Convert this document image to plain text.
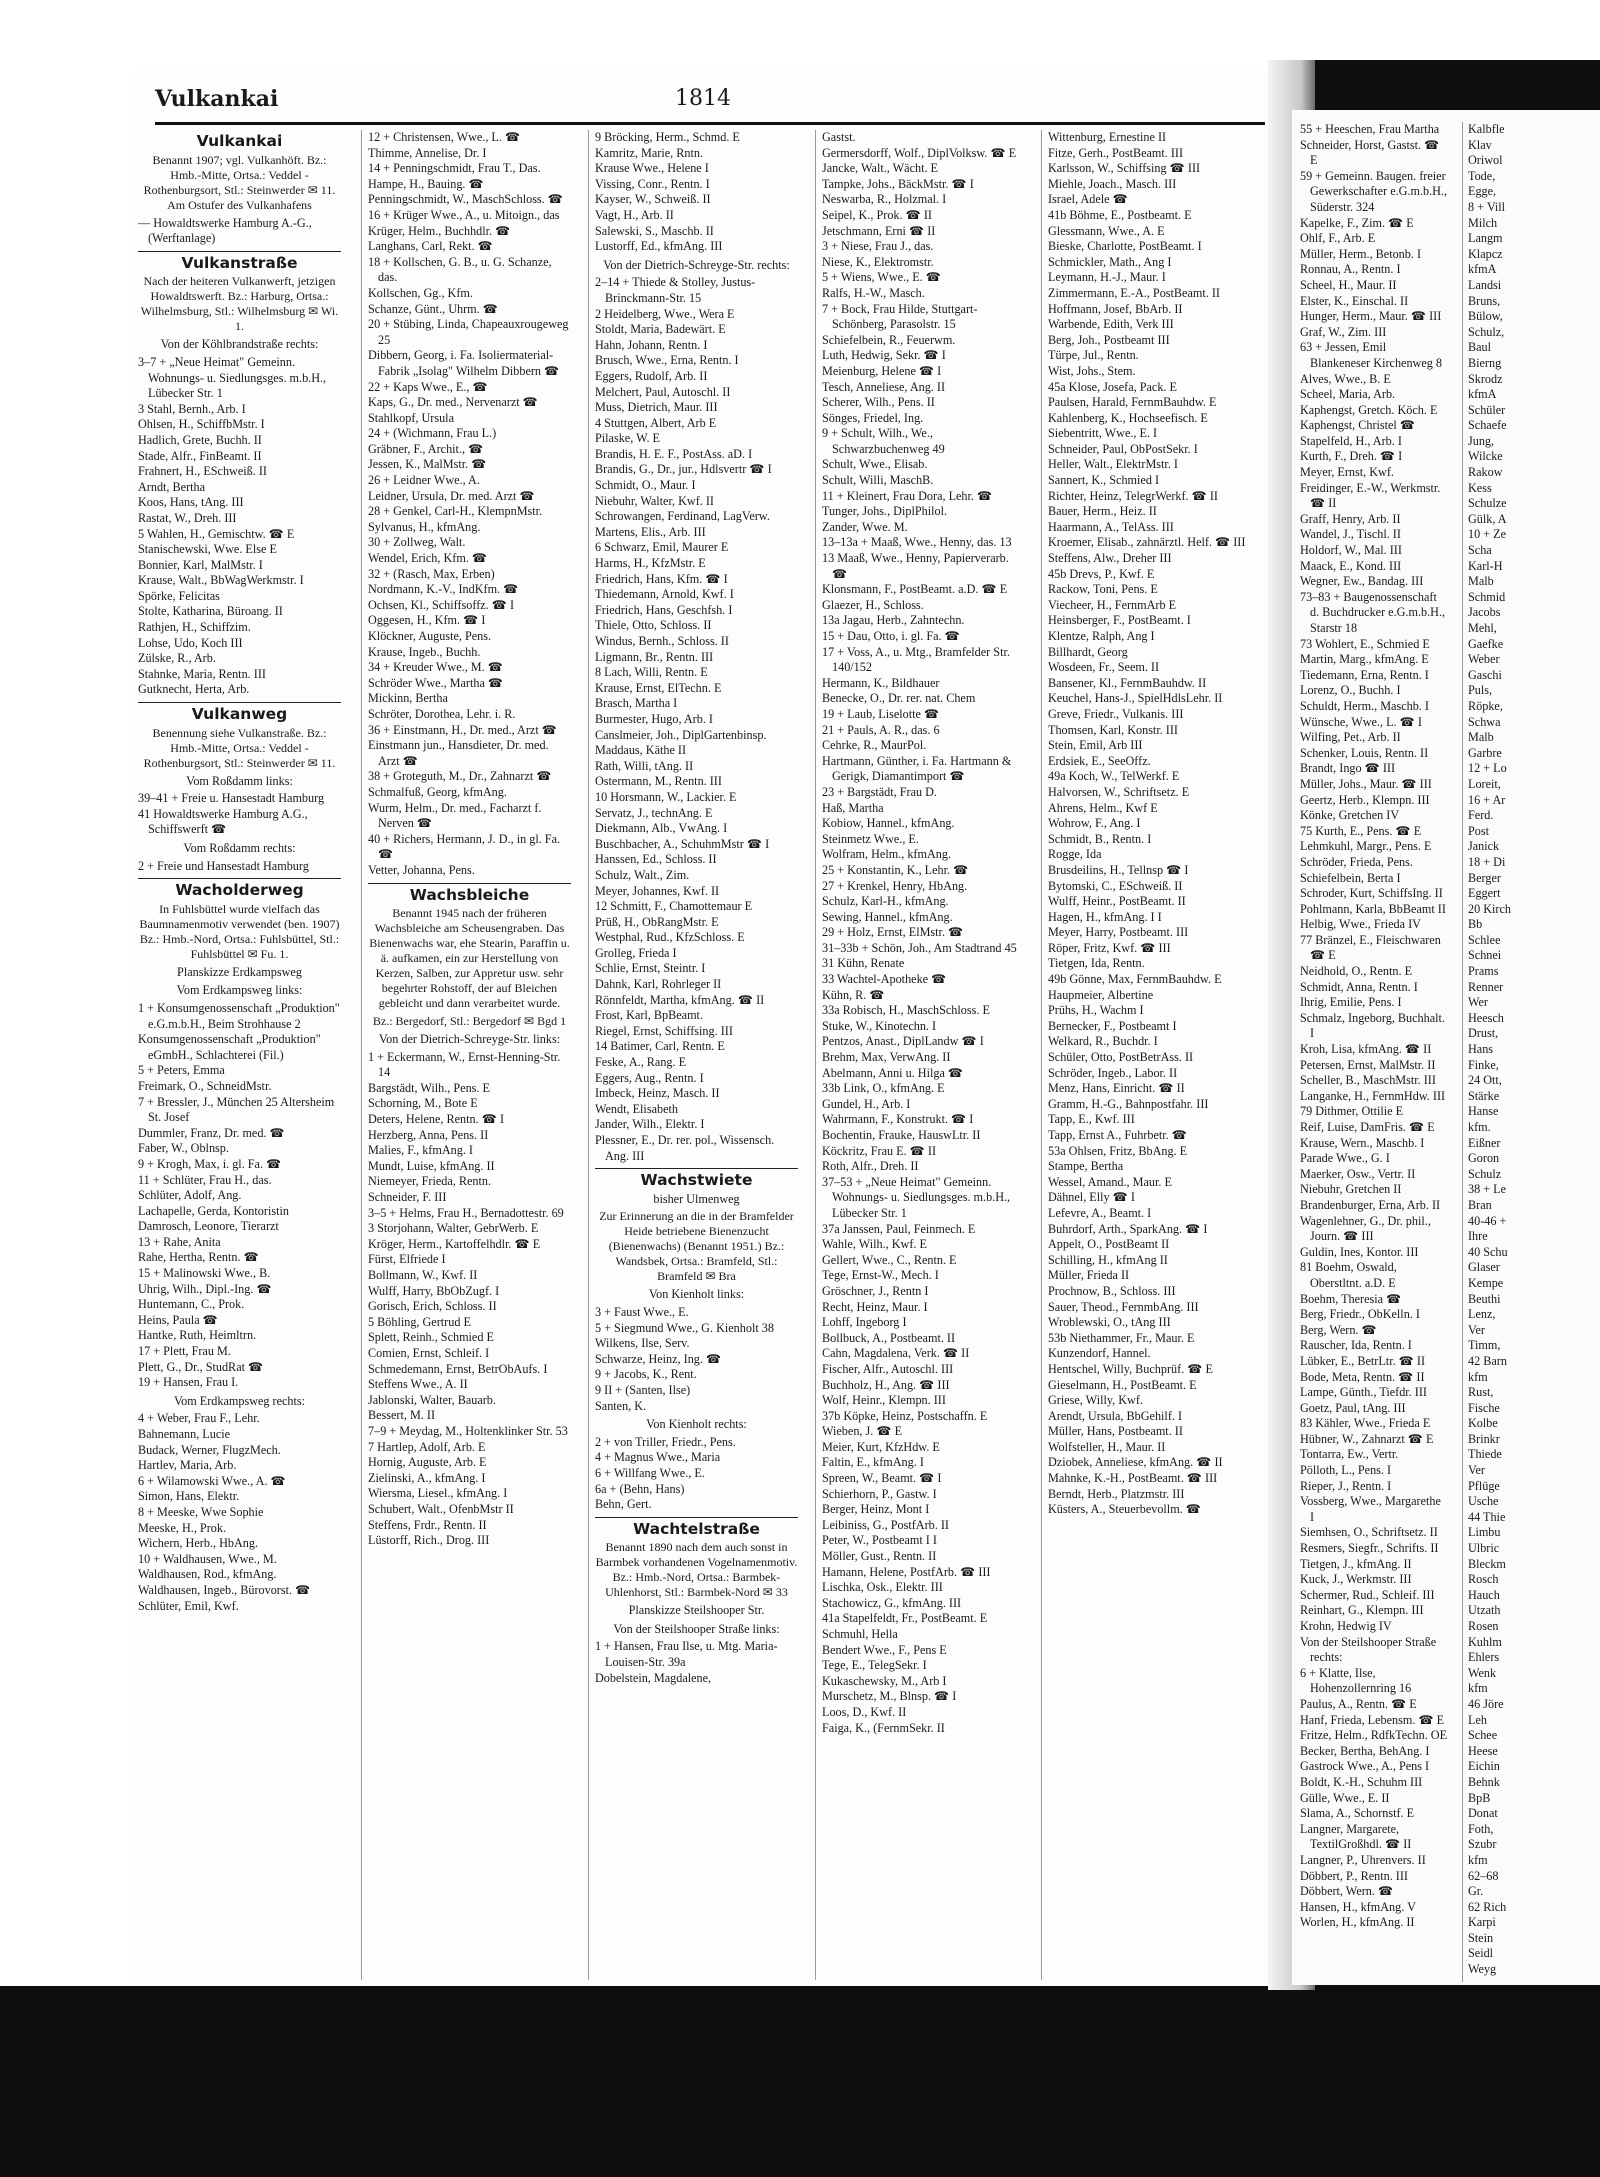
Vulkankai	1814
Vulkankai
Benannt 1907; vgl. Vulkanhöft. Bz.: Hmb.-Mitte, Ortsa.: Veddel - Rothenburgsort, Stl.: Steinwerder ✉ 11. Am Ostufer des Vulkanhafens
— Howaldtswerke Hamburg A.-G., (Werftanlage)
Vulkanstraße
Nach der heiteren Vulkanwerft, jetzigen Howaldtswerft. Bz.: Harburg, Ortsa.: Wilhelmsburg, Stl.: Wilhelmsburg ✉ Wi. 1.
Von der Köhlbrandstraße rechts:
3–7 + „Neue Heimat" Gemeinn. Wohnungs- u. Siedlungsges. m.b.H., Lübecker Str. 1
3 Stahl, Bernh., Arb. I
Ohlsen, H., SchiffbMstr. I
Hadlich, Grete, Buchh. II
Stade, Alfr., FinBeamt. II
Frahnert, H., ESchweiß. II
Arndt, Bertha
Koos, Hans, tAng. III
Rastat, W., Dreh. III
5 Wahlen, H., Gemischtw. ☎ E
Stanischewski, Wwe. Else E
Bonnier, Karl, MalMstr. I
Krause, Walt., BbWagWerkmstr. I
Spörke, Felicitas
Stolte, Katharina, Büroang. II
Rathjen, H., Schiffzim.
Lohse, Udo, Koch III
Zülske, R., Arb.
Stahnke, Maria, Rentn. III
Gutknecht, Herta, Arb.
Vulkanweg
Benennung siehe Vulkanstraße. Bz.: Hmb.-Mitte, Ortsa.: Veddel - Rothenburgsort, Stl.: Steinwerder ✉ 11.
Vom Roßdamm links:
39–41 + Freie u. Hansestadt Hamburg
41 Howaldtswerke Hamburg A.G., Schiffswerft ☎
Vom Roßdamm rechts:
2 + Freie und Hansestadt Hamburg
Wacholderweg
In Fuhlsbüttel wurde vielfach das Baumnamenmotiv verwendet (ben. 1907) Bz.: Hmb.-Nord, Ortsa.: Fuhlsbüttel, Stl.: Fuhlsbüttel ✉ Fu. 1.
Planskizze Erdkampsweg
Vom Erdkampsweg links:
1 + Konsumgenossenschaft „Produktion" e.G.m.b.H., Beim Strohhause 2
Konsumgenossenschaft „Produktion" eGmbH., Schlachterei (Fil.)
5 + Peters, Emma
Freimark, O., SchneidMstr.
7 + Bressler, J., München 25 Altersheim St. Josef
Dummler, Franz, Dr. med. ☎
Faber, W., Oblnsp.
9 + Krogh, Max, i. gl. Fa. ☎
11 + Schlüter, Frau H., das.
Schlüter, Adolf, Ang.
Lachapelle, Gerda, Kontoristin
Damrosch, Leonore, Tierarzt
13 + Rahe, Anita
Rahe, Hertha, Rentn. ☎
15 + Malinowski Wwe., B.
Uhrig, Wilh., Dipl.-Ing. ☎
Huntemann, C., Prok.
Heins, Paula ☎
Hantke, Ruth, Heimltrn.
17 + Plett, Frau M.
Plett, G., Dr., StudRat ☎
19 + Hansen, Frau I.
Vom Erdkampsweg rechts:
4 + Weber, Frau F., Lehr.
Bahnemann, Lucie
Budack, Werner, FlugzMech.
Hartlev, Maria, Arb.
6 + Wilamowski Wwe., A. ☎
Simon, Hans, Elektr.
8 + Meeske, Wwe Sophie
Meeske, H., Prok.
Wichern, Herb., HbAng.
10 + Waldhausen, Wwe., M.
Waldhausen, Rod., kfmAng.
Waldhausen, Ingeb., Bürovorst. ☎
Schlüter, Emil, Kwf.
12 + Christensen, Wwe., L. ☎
Thimme, Annelise, Dr. I
14 + Penningschmidt, Frau T., Das.
Hampe, H., Bauing. ☎
Penningschmidt, W., MaschSchloss. ☎
16 + Krüger Wwe., A., u. Mitoign., das
Krüger, Helm., Buchhdlr. ☎
Langhans, Carl, Rekt. ☎
18 + Kollschen, G. B., u. G. Schanze, das.
Kollschen, Gg., Kfm.
Schanze, Günt., Uhrm. ☎
20 + Stübing, Linda, Chapeauxrougeweg 25
Dibbern, Georg, i. Fa. Isoliermaterial-Fabrik „Isolag" Wilhelm Dibbern ☎
22 + Kaps Wwe., E., ☎
Kaps, G., Dr. med., Nervenarzt ☎
Stahlkopf, Ursula
24 + (Wichmann, Frau L.)
Gräbner, F., Archit., ☎
Jessen, K., MalMstr. ☎
26 + Leidner Wwe., A.
Leidner, Ursula, Dr. med. Arzt ☎
28 + Genkel, Carl-H., KlempnMstr.
Sylvanus, H., kfmAng.
30 + Zollweg, Walt.
Wendel, Erich, Kfm. ☎
32 + (Rasch, Max, Erben)
Nordmann, K.-V., IndKfm. ☎
Ochsen, Kl., Schiffsoffz. ☎ I
Oggesen, H., Kfm. ☎ I
Klöckner, Auguste, Pens.
Krause, Ingeb., Buchh.
34 + Kreuder Wwe., M. ☎
Schröder Wwe., Martha ☎
Mickinn, Bertha
Schröter, Dorothea, Lehr. i. R.
36 + Einstmann, H., Dr. med., Arzt ☎
Einstmann jun., Hansdieter, Dr. med. Arzt ☎
38 + Groteguth, M., Dr., Zahnarzt ☎
Schmalfuß, Georg, kfmAng.
Wurm, Helm., Dr. med., Facharzt f. Nerven ☎
40 + Richers, Hermann, J. D., in gl. Fa. ☎
Vetter, Johanna, Pens.
Wachsbleiche
Benannt 1945 nach der früheren Wachsbleiche am Scheusengraben. Das Bienenwachs war, ehe Stearin, Paraffin u. ä. aufkamen, ein zur Herstellung von Kerzen, Salben, zur Appretur usw. sehr begehrter Rohstoff, der auf Bleichen gebleicht und dann verarbeitet wurde.
Bz.: Bergedorf, Stl.: Bergedorf ✉ Bgd 1
Von der Dietrich-Schreyge-Str. links:
1 + Eckermann, W., Ernst-Henning-Str. 14
Bargstädt, Wilh., Pens. E
Schorning, M., Bote E
Deters, Helene, Rentn. ☎ I
Herzberg, Anna, Pens. II
Malies, F., kfmAng. I
Mundt, Luise, kfmAng. II
Niemeyer, Frieda, Rentn.
Schneider, F. III
3–5 + Helms, Frau H., Bernadottestr. 69
3 Storjohann, Walter, GebrWerb. E
Kröger, Herm., Kartoffelhdlr. ☎ E
Fürst, Elfriede I
Bollmann, W., Kwf. II
Wulff, Harry, BbObZugf. I
Gorisch, Erich, Schloss. II
5 Böhling, Gertrud E
Splett, Reinh., Schmied E
Comien, Ernst, Schleif. I
Schmedemann, Ernst, BetrObAufs. I
Steffens Wwe., A. II
Jablonski, Walter, Bauarb.
Bessert, M. II
7–9 + Meydag, M., Holtenklinker Str. 53
7 Hartlep, Adolf, Arb. E
Hornig, Auguste, Arb. E
Zielinski, A., kfmAng. I
Wiersma, Liesel., kfmAng. I
Schubert, Walt., OfenbMstr II
Steffens, Frdr., Rentn. II
Lüstorff, Rich., Drog. III
9 Bröcking, Herm., Schmd. E
Kamritz, Marie, Rntn.
Krause Wwe., Helene I
Vissing, Conr., Rentn. I
Kayser, W., Schweiß. II
Vagt, H., Arb. II
Salewski, S., Maschb. II
Lustorff, Ed., kfmAng. III
Von der Dietrich-Schreyge-Str. rechts:
2–14 + Thiede & Stolley, Justus-Brinckmann-Str. 15
2 Heidelberg, Wwe., Wera E
Stoldt, Maria, Badewärt. E
Hahn, Johann, Rentn. I
Brusch, Wwe., Erna, Rentn. I
Eggers, Rudolf, Arb. II
Melchert, Paul, Autoschl. II
Muss, Dietrich, Maur. III
4 Stuttgen, Albert, Arb E
Pilaske, W. E
Brandis, H. E. F., PostAss. aD. I
Brandis, G., Dr., jur., Hdlsvertr ☎ I
Schmidt, O., Maur. I
Niebuhr, Walter, Kwf. II
Schrowangen, Ferdinand, LagVerw.
Martens, Elis., Arb. III
6 Schwarz, Emil, Maurer E
Harms, H., KfzMstr. E
Friedrich, Hans, Kfm. ☎ I
Thiedemann, Arnold, Kwf. I
Friedrich, Hans, Geschfsh. I
Thiele, Otto, Schloss. II
Windus, Bernh., Schloss. II
Ligmann, Br., Rentn. III
8 Lach, Willi, Rentn. E
Krause, Ernst, ElTechn. E
Brasch, Martha I
Burmester, Hugo, Arb. I
Canslmeier, Joh., DiplGartenbinsp.
Maddaus, Käthe II
Rath, Willi, tAng. II
Ostermann, M., Rentn. III
10 Horsmann, W., Lackier. E
Servatz, J., technAng. E
Diekmann, Alb., VwAng. I
Buschbacher, A., SchuhmMstr ☎ I
Hanssen, Ed., Schloss. II
Schulz, Walt., Zim.
Meyer, Johannes, Kwf. II
12 Schmitt, F., Chamottemaur E
Prüß, H., ObRangMstr. E
Westphal, Rud., KfzSchloss. E
Grolleg, Frieda I
Schlie, Ernst, Steintr. I
Dahnk, Karl, Rohrleger II
Rönnfeldt, Martha, kfmAng. ☎ II
Frost, Karl, BpBeamt.
Riegel, Ernst, Schiffsing. III
14 Batimer, Carl, Rentn. E
Feske, A., Rang. E
Eggers, Aug., Rentn. I
Imbeck, Heinz, Masch. II
Wendt, Elisabeth
Jander, Wilh., Elektr. I
Plessner, E., Dr. rer. pol., Wissensch. Ang. III
Wachstwiete
bisher Ulmenweg
Zur Erinnerung an die in der Bramfelder Heide betriebene Bienenzucht (Bienenwachs) (Benannt 1951.) Bz.: Wandsbek, Ortsa.: Bramfeld, Stl.: Bramfeld ✉ Bra
Von Kienholt links:
3 + Faust Wwe., E.
5 + Siegmund Wwe., G. Kienholt 38
Wilkens, Ilse, Serv.
Schwarze, Heinz, Ing. ☎
9 + Jacobs, K., Rent.
9 II + (Santen, Ilse)
Santen, K.
Von Kienholt rechts:
2 + von Triller, Friedr., Pens.
4 + Magnus Wwe., Maria
6 + Willfang Wwe., E.
6a + (Behn, Hans)
Behn, Gert.
Wachtelstraße
Benannt 1890 nach dem auch sonst in Barmbek vorhandenen Vogelnamenmotiv. Bz.: Hmb.-Nord, Ortsa.: Barmbek-Uhlenhorst, Stl.: Barmbek-Nord ✉ 33
Planskizze Steilshooper Str.
Von der Steilshooper Straße links:
1 + Hansen, Frau Ilse, u. Mtg. Maria-Louisen-Str. 39a
Dobelstein, Magdalene,
Gastst.
Germersdorff, Wolf., DiplVolksw. ☎ E
Jancke, Walt., Wächt. E
Tampke, Johs., BäckMstr. ☎ I
Neswarba, R., Holzmal. I
Seipel, K., Prok. ☎ II
Jetschmann, Erni ☎ II
3 + Niese, Frau J., das.
Niese, K., Elektromstr.
5 + Wiens, Wwe., E. ☎
Ralfs, H.-W., Masch.
7 + Bock, Frau Hilde, Stuttgart-Schönberg, Parasolstr. 15
Schiefelbein, R., Feuerwm.
Luth, Hedwig, Sekr. ☎ I
Meienburg, Helene ☎ I
Tesch, Anneliese, Ang. II
Scherer, Wilh., Pens. II
Sönges, Friedel, Ing.
9 + Schult, Wilh., We., Schwarzbuchenweg 49
Schult, Wwe., Elisab.
Schult, Willi, MaschB.
11 + Kleinert, Frau Dora, Lehr. ☎
Tunger, Johs., DiplPhilol.
Zander, Wwe. M.
13–13a + Maaß, Wwe., Henny, das. 13
13 Maaß, Wwe., Henny, Papierverarb. ☎
Klonsmann, F., PostBeamt. a.D. ☎ E
Glaezer, H., Schloss.
13a Jagau, Herb., Zahntechn.
15 + Dau, Otto, i. gl. Fa. ☎
17 + Voss, A., u. Mtg., Bramfelder Str. 140/152
Hermann, K., Bildhauer
Benecke, O., Dr. rer. nat. Chem
19 + Laub, Liselotte ☎
21 + Pauls, A. R., das. 6
Cehrke, R., MaurPol.
Hartmann, Günther, i. Fa. Hartmann & Gerigk, Diamantimport ☎
23 + Bargstädt, Frau D.
Haß, Martha
Kobiow, Hannel., kfmAng.
Steinmetz Wwe., E.
Wolfram, Helm., kfmAng.
25 + Konstantin, K., Lehr. ☎
27 + Krenkel, Henry, HbAng.
Schulz, Karl-H., kfmAng.
Sewing, Hannel., kfmAng.
29 + Holz, Ernst, ElMstr. ☎
31–33b + Schön, Joh., Am Stadtrand 45
31 Kühn, Renate
33 Wachtel-Apotheke ☎
Kühn, R. ☎
33a Robisch, H., MaschSchloss. E
Stuke, W., Kinotechn. I
Pentzos, Anast., DiplLandw ☎ I
Brehm, Max, VerwAng. II
Abelmann, Anni u. Hilga ☎
33b Link, O., kfmAng. E
Gundel, H., Arb. I
Wahrmann, F., Konstrukt. ☎ I
Bochentin, Frauke, HauswLtr. II
Köckritz, Frau E. ☎ II
Roth, Alfr., Dreh. II
37–53 + „Neue Heimat" Gemeinn. Wohnungs- u. Siedlungsges. m.b.H., Lübecker Str. 1
37a Janssen, Paul, Feinmech. E
Wahle, Wilh., Kwf. E
Gellert, Wwe., C., Rentn. E
Tege, Ernst-W., Mech. I
Gröschner, J., Rentn I
Recht, Heinz, Maur. I
Lohff, Ingeborg I
Bollbuck, A., Postbeamt. II
Cahn, Magdalena, Verk. ☎ II
Fischer, Alfr., Autoschl. III
Buchholz, H., Ang. ☎ III
Wolf, Heinr., Klempn. III
37b Köpke, Heinz, Postschaffn. E
Wieben, J. ☎ E
Meier, Kurt, KfzHdw. E
Faltin, E., kfmAng. I
Spreen, W., Beamt. ☎ I
Schierhorn, P., Gastw. I
Berger, Heinz, Mont I
Leibiniss, G., PostfArb. II
Peter, W., Postbeamt I I
Möller, Gust., Rentn. II
Hamann, Helene, PostfArb. ☎ III
Lischka, Osk., Elektr. III
Stachowicz, G., kfmAng. III
41a Stapelfeldt, Fr., PostBeamt. E
Schmuhl, Hella
Bendert Wwe., F., Pens E
Tege, E., TelegSekr. I
Kukaschewsky, M., Arb I
Murschetz, M., Blnsp. ☎ I
Loos, D., Kwf. II
Faiga, K., (FernmSekr. II
Wittenburg, Ernestine II
Fitze, Gerh., PostBeamt. III
Karlsson, W., Schiffsing ☎ III
Miehle, Joach., Masch. III
Israel, Adele ☎
41b Böhme, E., Postbeamt. E
Glessmann, Wwe., A. E
Bieske, Charlotte, PostBeamt. I
Schmickler, Math., Ang I
Leymann, H.-J., Maur. I
Zimmermann, E.-A., PostBeamt. II
Hoffmann, Josef, BbArb. II
Warbende, Edith, Verk III
Berg, Joh., Postbeamt III
Türpe, Jul., Rentn.
Wist, Johs., Stem.
45a Klose, Josefa, Pack. E
Paulsen, Harald, FernmBauhdw. E
Kahlenberg, K., Hochseefisch. E
Siebentritt, Wwe., E. I
Schneider, Paul, ObPostSekr. I
Heller, Walt., ElektrMstr. I
Sannert, K., Schmied I
Richter, Heinz, TelegrWerkf. ☎ II
Bauer, Herm., Heiz. II
Haarmann, A., TelAss. III
Kroemer, Elisab., zahnärztl. Helf. ☎ III
Steffens, Alw., Dreher III
45b Drevs, P., Kwf. E
Rackow, Toni, Pens. E
Viecheer, H., FernmArb E
Heinsberger, F., PostBeamt. I
Klentze, Ralph, Ang I
Billhardt, Georg
Wosdeen, Fr., Seem. II
Bansener, Kl., FernmBauhdw. II
Keuchel, Hans-J., SpielHdlsLehr. II
Greve, Friedr., Vulkanis. III
Thomsen, Karl, Konstr. III
Stein, Emil, Arb III
Erdsiek, E., SeeOffz.
49a Koch, W., TelWerkf. E
Halvorsen, W., Schriftsetz. E
Ahrens, Helm., Kwf E
Wohrow, F., Ang. I
Schmidt, B., Rentn. I
Rogge, Ida
Brusdeilins, H., Tellnsp ☎ I
Bytomski, C., ESchweiß. II
Wulff, Heinr., PostBeamt. II
Hagen, H., kfmAng. I I
Meyer, Harry, Postbeamt. III
Röper, Fritz, Kwf. ☎ III
Tietgen, Ida, Rentn.
49b Gönne, Max, FernmBauhdw. E
Haupmeier, Albertine
Prühs, H., Wachm I
Bernecker, F., Postbeamt I
Welkard, R., Buchdr. I
Schüler, Otto, PostBetrAss. II
Schröder, Ingeb., Labor. II
Menz, Hans, Einricht. ☎ II
Gramm, H.-G., Bahnpostfahr. III
Tapp, E., Kwf. III
Tapp, Ernst A., Fuhrbetr. ☎
53a Ohlsen, Fritz, BbAng. E
Stampe, Bertha
Wessel, Amand., Maur. E
Dähnel, Elly ☎ I
Lefevre, A., Beamt. I
Buhrdorf, Arth., SparkAng. ☎ I
Appelt, O., PostBeamt II
Schilling, H., kfmAng II
Müller, Frieda II
Prochnow, B., Schloss. III
Sauer, Theod., FernmbAng. III
Wroblewski, O., tAng III
53b Niethammer, Fr., Maur. E
Kunzendorf, Hannel.
Hentschel, Willy, Buchprüf. ☎ E
Gieselmann, H., PostBeamt. E
Griese, Willy, Kwf.
Arendt, Ursula, BbGehilf. I
Müller, Hans, Postbeamt. II
Wolfsteller, H., Maur. II
Dziobek, Anneliese, kfmAng. ☎ II
Mahnke, K.-H., PostBeamt. ☎ III
Berndt, Herb., Platzmstr. III
Küsters, A., Steuerbevollm. ☎
55 + Heeschen, Frau Martha
Schneider, Horst, Gastst. ☎ E
59 + Gemeinn. Baugen. freier Gewerkschafter e.G.m.b.H., Süderstr. 324
Kapelke, F., Zim. ☎ E
Ohlf, F., Arb. E
Müller, Herm., Betonb. I
Ronnau, A., Rentn. I
Scheel, H., Maur. II
Elster, K., Einschal. II
Hunger, Herm., Maur. ☎ III
Graf, W., Zim. III
63 + Jessen, Emil Blankeneser Kirchenweg 8
Alves, Wwe., B. E
Scheel, Maria, Arb.
Kaphengst, Gretch. Köch. E
Kaphengst, Christel ☎
Stapelfeld, H., Arb. I
Kurth, F., Dreh. ☎ I
Meyer, Ernst, Kwf.
Freidinger, E.-W., Werkmstr. ☎ II
Graff, Henry, Arb. II
Wandel, J., Tischl. II
Holdorf, W., Mal. III
Maack, E., Kond. III
Wegner, Ew., Bandag. III
73–83 + Baugenossenschaft d. Buchdrucker e.G.m.b.H., Starstr 18
73 Wohlert, E., Schmied E
Martin, Marg., kfmAng. E
Tiedemann, Erna, Rentn. I
Lorenz, O., Buchh. I
Schuldt, Herm., Maschb. I
Wünsche, Wwe., L. ☎ I
Wilfing, Pet., Arb. II
Schenker, Louis, Rentn. II
Brandt, Ingo ☎ III
Müller, Johs., Maur. ☎ III
Geertz, Herb., Klempn. III
Könke, Gretchen IV
75 Kurth, E., Pens. ☎ E
Lehmkuhl, Margr., Pens. E
Schröder, Frieda, Pens.
Schiefelbein, Berta I
Schroder, Kurt, SchiffsIng. II
Pohlmann, Karla, BbBeamt II
Helbig, Wwe., Frieda IV
77 Bränzel, E., Fleischwaren ☎ E
Neidhold, O., Rentn. E
Schmidt, Anna, Rentn. I
Ihrig, Emilie, Pens. I
Schmalz, Ingeborg, Buchhalt. I
Kroh, Lisa, kfmAng. ☎ II
Petersen, Ernst, MalMstr. II
Scheller, B., MaschMstr. III
Langanke, H., FernmHdw. III
79 Dithmer, Ottilie E
Reif, Luise, DamFris. ☎ E
Krause, Wern., Maschb. I
Parade Wwe., G. I
Maerker, Osw., Vertr. II
Niebuhr, Gretchen II
Brandenburger, Erna, Arb. II
Wagenlehner, G., Dr. phil., Journ. ☎ III
Guldin, Ines, Kontor. III
81 Boehm, Oswald, Oberstltnt. a.D. E
Boehm, Theresia ☎
Berg, Friedr., ObKelln. I
Berg, Wern. ☎
Rauscher, Ida, Rentn. I
Lübker, E., BetrLtr. ☎ II
Bode, Meta, Rentn. ☎ II
Lampe, Günth., Tiefdr. III
Goetz, Paul, tAng. III
83 Kähler, Wwe., Frieda E
Hübner, W., Zahnarzt ☎ E
Tontarra, Ew., Vertr.
Pölloth, L., Pens. I
Rieper, J., Rentn. I
Vossberg, Wwe., Margarethe I
Siemhsen, O., Schriftsetz. II
Resmers, Siegfr., Schrifts. II
Tietgen, J., kfmAng. II
Kuck, J., Werkmstr. III
Schermer, Rud., Schleif. III
Reinhart, G., Klempn. III
Krohn, Hedwig IV
Von der Steilshooper Straße rechts:
6 + Klatte, Ilse, Hohenzollernring 16
Paulus, A., Rentn. ☎ E
Hanf, Frieda, Lebensm. ☎ E
Fritze, Helm., RdfkTechn. OE
Becker, Bertha, BehAng. I
Gastrock Wwe., A., Pens I
Boldt, K.-H., Schuhm III
Gülle, Wwe., E. II
Slama, A., Schornstf. E
Langner, Margarete, TextilGroßhdl. ☎ II
Langner, P., Uhrenvers. II
Döbbert, P., Rentn. III
Döbbert, Wern. ☎
Hansen, H., kfmAng. V
Worlen, H., kfmAng. II
Kalbfle
Klav
Oriwol
Tode,
Egge,
8 + Vill
Milch
Langm
Klapcz
kfmA
Landsi
Bruns,
Bülow,
Schulz,
Baul
Bierng
Skrodz
kfmA
Schüler
Schaefe
Jung,
Wilcke
Rakow
Kess
Schulze
Gülk, A
10 + Ze
Scha
Karl-H
Malb
Schmid
Jacobs
Mehl,
Gaefke
Weber
Gaschi
Puls,
Röpke,
Schwa
Malb
Garbre
12 + Lo
Loreit,
16 + Ar
Ferd.
Post
Janick
18 + Di
Berger
Eggert
20 Kirch
Bb
Schlee
Schnei
Prams
Renner
Wer
Heesch
Drust,
Hans
Finke,
24 Ott,
Stärke
Hanse
kfm.
Eißner
Goron
Schulz
38 + Le
Bran
40-46 +
Ihre
40 Schu
Glaser
Kempe
Beuthi
Lenz,
Ver
Timm,
42 Barn
kfm
Rust,
Fische
Kolbe
Brinkr
Thiede
Ver
Pflüge
Usche
44 Thie
Limbu
Ulbric
Bleckm
Rosch
Hauch
Utzath
Rosen
Kuhlm
Ehlers
Wenk
kfm
46 Jöre
Leh
Schee
Heese
Eichin
Behnk
BpB
Donat
Foth,
Szubr
kfm
62–68
Gr.
62 Rich
Karpi
Stein
Seidl
Weyg
